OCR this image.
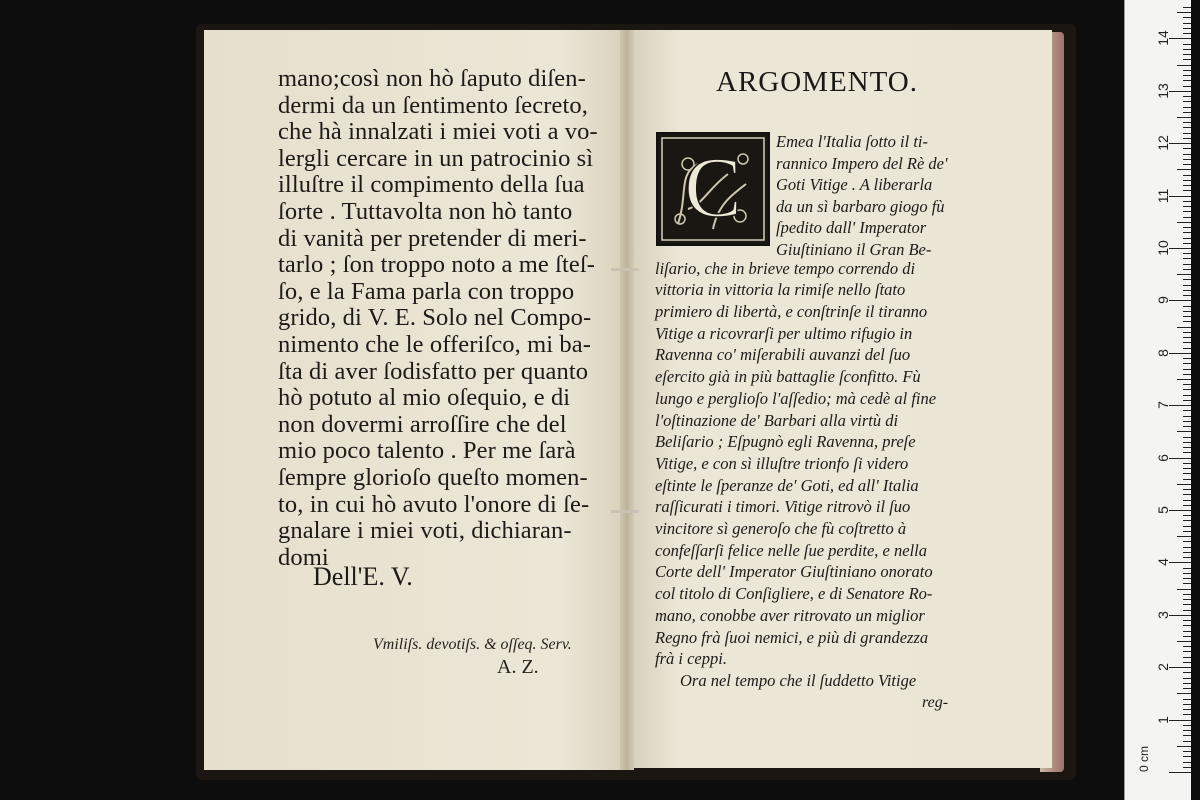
mano;così non hò ſaputo diſen-
dermi da un ſentimento ſecreto,
che hà innalzati i miei voti a vo-
lergli cercare in un patrocinio sì
illuſtre il compimento della ſua
ſorte . Tuttavolta non hò tanto
di vanità per pretender di meri-
tarlo ; ſon troppo noto a me ſteſ-
ſo, e la Fama parla con troppo
grido, di V. E. Solo nel Compo-
nimento che le offeriſco, mi ba-
ſta di aver ſodisfatto per quanto
hò potuto al mio oſequio, e di
non dovermi arroſſire che del
mio poco talento . Per me ſarà
ſempre glorioſo queſto momen-
to, in cui hò avuto l'onore di ſe-
gnalare i miei voti, dichiaran-
domi
Dell'E. V.
Vmiliſs. devotiſs. & oſſeq. Serv.
A. Z.
ARGOMENTO.
C Emea l'Italia ſotto il ti-
rannico Impero del Rè de'
Goti Vitige . A liberarla
da un sì barbaro giogo fù
ſpedito dall' Imperator
Giuſtiniano il Gran Be-
liſario, che in brieve tempo correndo di
vittoria in vittoria la rimiſe nello ſtato
primiero di libertà, e conſtrinſe il tiranno
Vitige a ricovrarſi per ultimo rifugio in
Ravenna co' miſerabili auvanzi del ſuo
eſercito già in più battaglie ſconfitto. Fù
lungo e perglioſo l'aſſedio; mà cedè al fine
l'oſtinazione de' Barbari alla virtù di
Beliſario ; Eſpugnò egli Ravenna, preſe
Vitige, e con sì illuſtre trionfo ſi videro
eſtinte le ſperanze de' Goti, ed all' Italia
raſſicurati i timori. Vitige ritrovò il ſuo
vincitore sì generoſo che fù coſtretto à
confeſſarſi felice nelle ſue perdite, e nella
Corte dell' Imperator Giuſtiniano onorato
col titolo di Conſigliere, e di Senatore Ro-
mano, conobbe aver ritrovato un miglior
Regno frà ſuoi nemici, e più di grandezza
frà i ceppi.
Ora nel tempo che il ſuddetto Vitige
reg-
0 cm
1
2
3
4
5
6
7
8
9
10
11
12
13
14
